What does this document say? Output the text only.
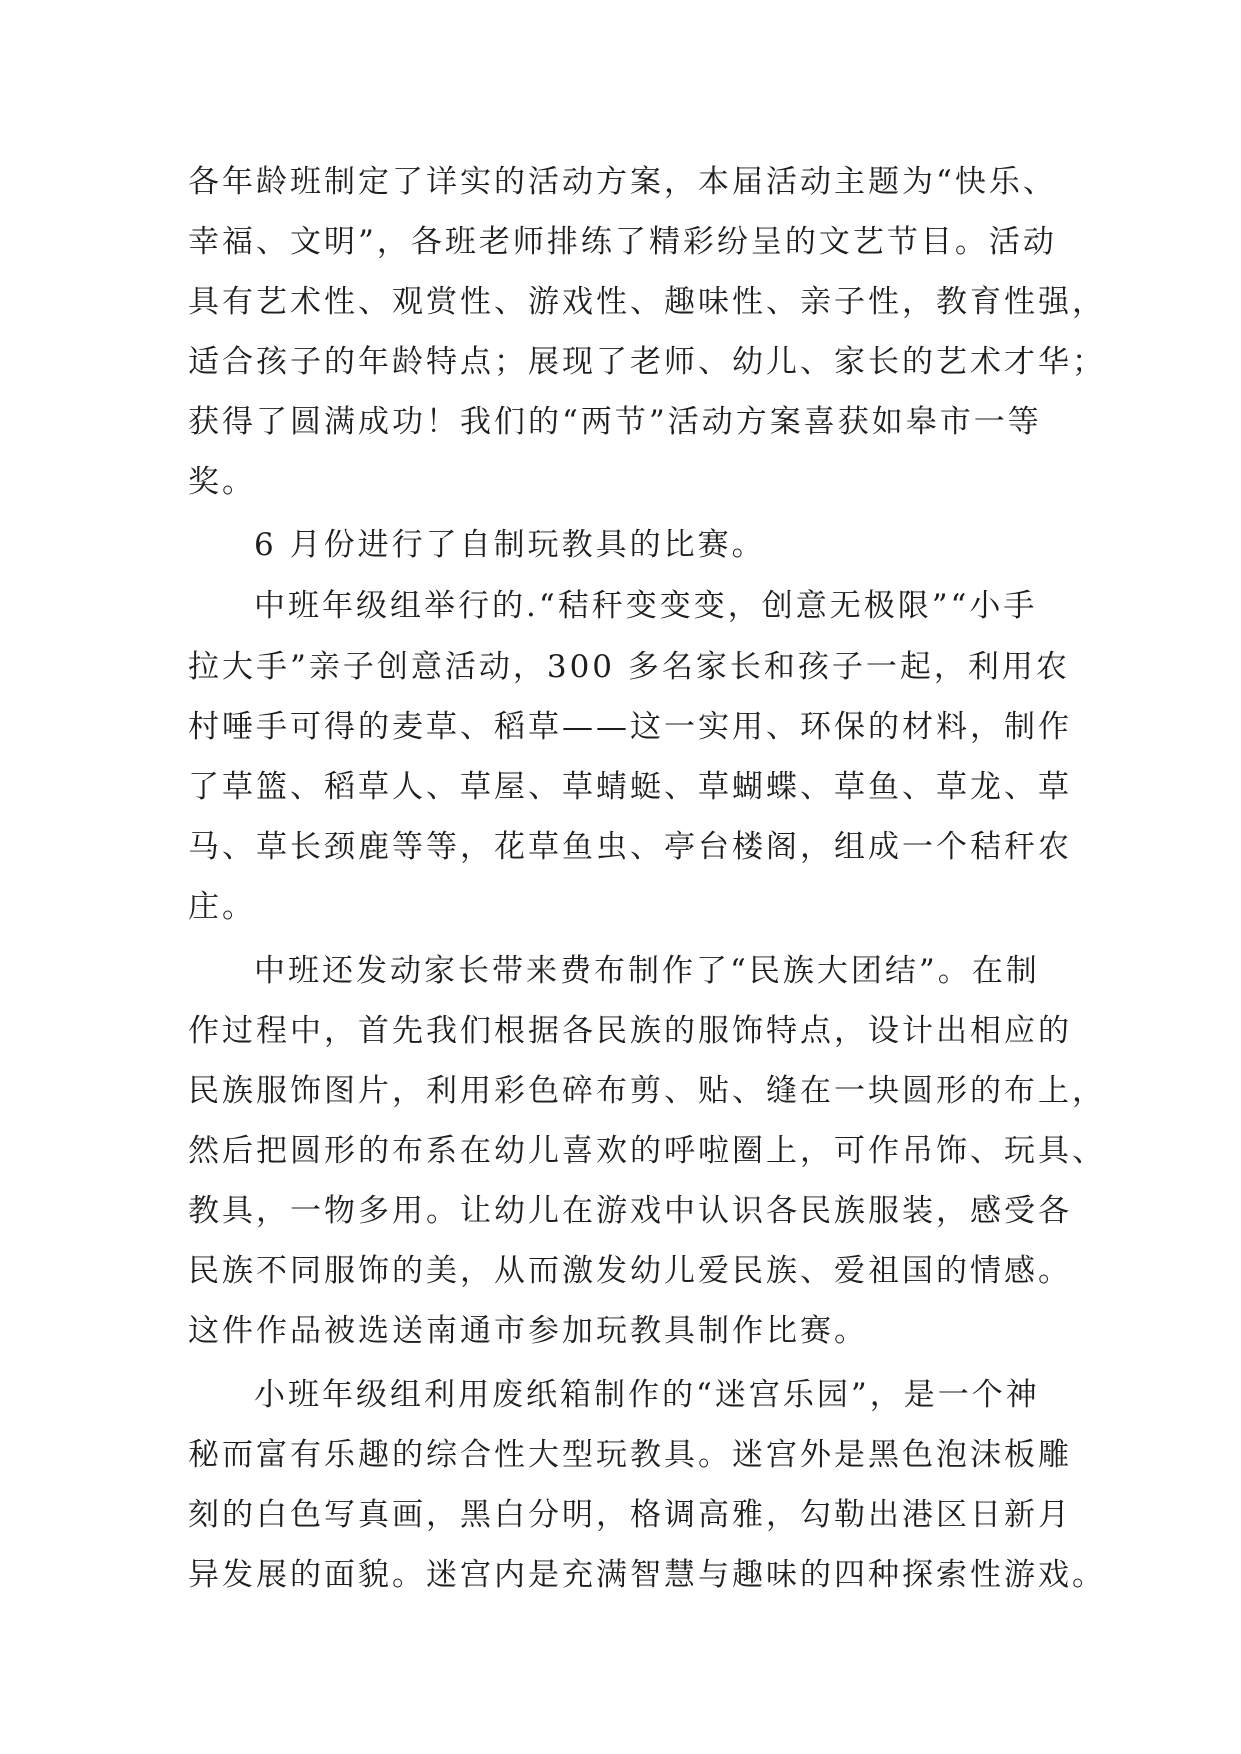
各年龄班制定了详实的活动方案，本届活动主题为“快乐、
幸福、文明”，各班老师排练了精彩纷呈的文艺节目。活动
具有艺术性、观赏性、游戏性、趣味性、亲子性，教育性强，
适合孩子的年龄特点；展现了老师、幼儿、家长的艺术才华；
获得了圆满成功！我们的“两节”活动方案喜获如皋市一等
奖。
6 月份进行了自制玩教具的比赛。
中班年级组举行的.“秸秆变变变，创意无极限”“小手
拉大手”亲子创意活动，300 多名家长和孩子一起，利用农
村唾手可得的麦草、稻草——这一实用、环保的材料，制作
了草篮、稻草人、草屋、草蜻蜓、草蝴蝶、草鱼、草龙、草
马、草长颈鹿等等，花草鱼虫、亭台楼阁，组成一个秸秆农
庄。
中班还发动家长带来费布制作了“民族大团结”。在制
作过程中，首先我们根据各民族的服饰特点，设计出相应的
民族服饰图片，利用彩色碎布剪、贴、缝在一块圆形的布上，
然后把圆形的布系在幼儿喜欢的呼啦圈上，可作吊饰、玩具、
教具，一物多用。让幼儿在游戏中认识各民族服装，感受各
民族不同服饰的美，从而激发幼儿爱民族、爱祖国的情感。
这件作品被选送南通市参加玩教具制作比赛。
小班年级组利用废纸箱制作的“迷宫乐园”，是一个神
秘而富有乐趣的综合性大型玩教具。迷宫外是黑色泡沫板雕
刻的白色写真画，黑白分明，格调高雅，勾勒出港区日新月
异发展的面貌。迷宫内是充满智慧与趣味的四种探索性游戏。
